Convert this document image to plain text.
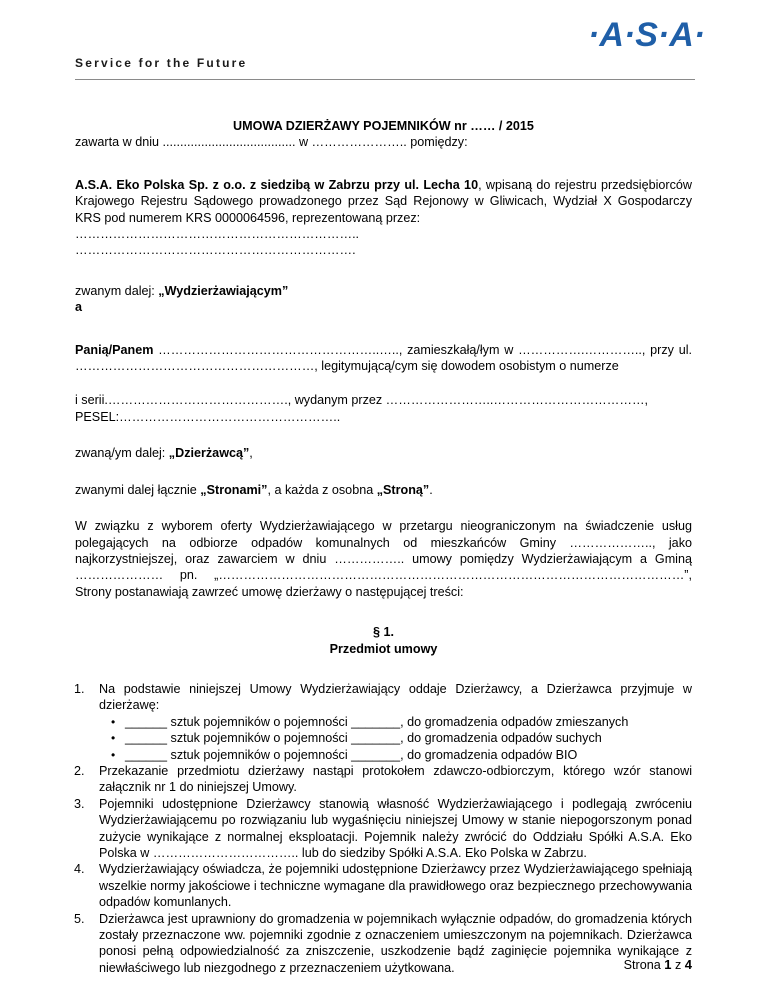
·A·S·A·
Service for the Future

UMOWA DZIERŻAWY POJEMNIKÓW nr …… / 2015

zawarta w dniu ...................................... w ………………….. pomiędzy:

A.S.A. Eko Polska Sp. z o.o. z siedzibą w Zabrzu przy ul. Lecha 10, wpisaną do rejestru przedsiębiorców Krajowego Rejestru Sądowego prowadzonego przez Sąd Rejonowy w Gliwicach, Wydział X Gospodarczy KRS pod numerem KRS 0000064596, reprezentowaną przez:

…………………………………………………………..

………………………………………………………….

zwanym dalej: „Wydzierżawiającym”

a

Panią/Panem ……………………………………………..….., zamieszkałą/łym w …………….………….., przy ul. …………………………………………………, legitymującą/cym się dowodem osobistym o numerze

i serii.……………………………………., wydanym przez ……………………..………………………………,

PESEL:……………………………………………..

zwaną/ym dalej: „Dzierżawcą”,

zwanymi dalej łącznie „Stronami”, a każda z osobna „Stroną”.

W związku z wyborem oferty Wydzierżawiającego w przetargu nieograniczonym na świadczenie usług polegających na odbiorze odpadów komunalnych od mieszkańców Gminy ……………….., jako najkorzystniejszej, oraz zawarciem w dniu …………….. umowy pomiędzy Wydzierżawiającym a Gminą ………………… pn. „…………………………………………………………………………………………………”, Strony postanawiają zawrzeć umowę dzierżawy o następującej treści:

§ 1.

Przedmiot umowy

1. Na podstawie niniejszej Umowy Wydzierżawiający oddaje Dzierżawcy, a Dzierżawca przyjmuje w dzierżawę:
• ______ sztuk pojemników o pojemności _______, do gromadzenia odpadów zmieszanych
• ______ sztuk pojemników o pojemności _______, do gromadzenia odpadów suchych
• ______ sztuk pojemników o pojemności _______, do gromadzenia odpadów BIO
2. Przekazanie przedmiotu dzierżawy nastąpi protokołem zdawczo-odbiorczym, którego wzór stanowi załącznik nr 1 do niniejszej Umowy.
3. Pojemniki udostępnione Dzierżawcy stanowią własność Wydzierżawiającego i podlegają zwróceniu Wydzierżawiającemu po rozwiązaniu lub wygaśnięciu niniejszej Umowy w stanie niepogorszonym ponad zużycie wynikające z normalnej eksploatacji. Pojemnik należy zwrócić do Oddziału Spółki A.S.A. Eko Polska w …………………………….. lub do siedziby Spółki A.S.A. Eko Polska w Zabrzu.
4. Wydzierżawiający oświadcza, że pojemniki udostępnione Dzierżawcy przez Wydzierżawiającego spełniają wszelkie normy jakościowe i techniczne wymagane dla prawidłowego oraz bezpiecznego przechowywania odpadów komunlanych.
5. Dzierżawca jest uprawniony do gromadzenia w pojemnikach wyłącznie odpadów, do gromadzenia których zostały przeznaczone ww. pojemniki zgodnie z oznaczeniem umieszczonym na pojemnikach. Dzierżawca ponosi pełną odpowiedzialność za zniszczenie, uszkodzenie bądź zaginięcie pojemnika wynikające z niewłaściwego lub niezgodnego z przeznaczeniem użytkowana.	Strona 1 z 4
